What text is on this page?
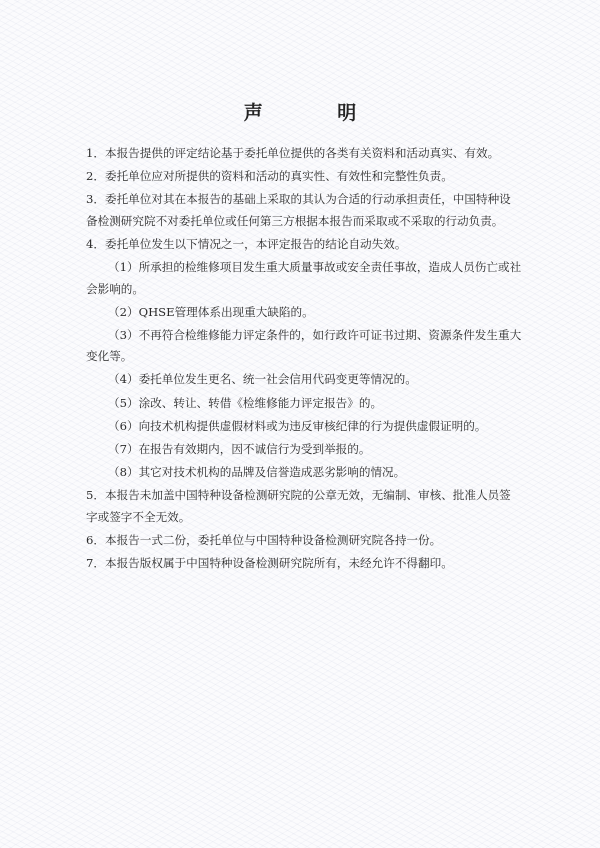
声 明

1．本报告提供的评定结论基于委托单位提供的各类有关资料和活动真实、有效。

2．委托单位应对所提供的资料和活动的真实性、有效性和完整性负责。

3．委托单位对其在本报告的基础上采取的其认为合适的行动承担责任，中国特种设备检测研究院不对委托单位或任何第三方根据本报告而采取或不采取的行动负责。

4．委托单位发生以下情况之一，本评定报告的结论自动失效。

（1）所承担的检维修项目发生重大质量事故或安全责任事故，造成人员伤亡或社会影响的。

（2）QHSE管理体系出现重大缺陷的。

（3）不再符合检维修能力评定条件的，如行政许可证书过期、资源条件发生重大变化等。

（4）委托单位发生更名、统一社会信用代码变更等情况的。

（5）涂改、转让、转借《检维修能力评定报告》的。

（6）向技术机构提供虚假材料或为违反审核纪律的行为提供虚假证明的。

（7）在报告有效期内，因不诚信行为受到举报的。

（8）其它对技术机构的品牌及信誉造成恶劣影响的情况。

5．本报告未加盖中国特种设备检测研究院的公章无效，无编制、审核、批准人员签字或签字不全无效。

6．本报告一式二份，委托单位与中国特种设备检测研究院各持一份。

7．本报告版权属于中国特种设备检测研究院所有，未经允许不得翻印。
